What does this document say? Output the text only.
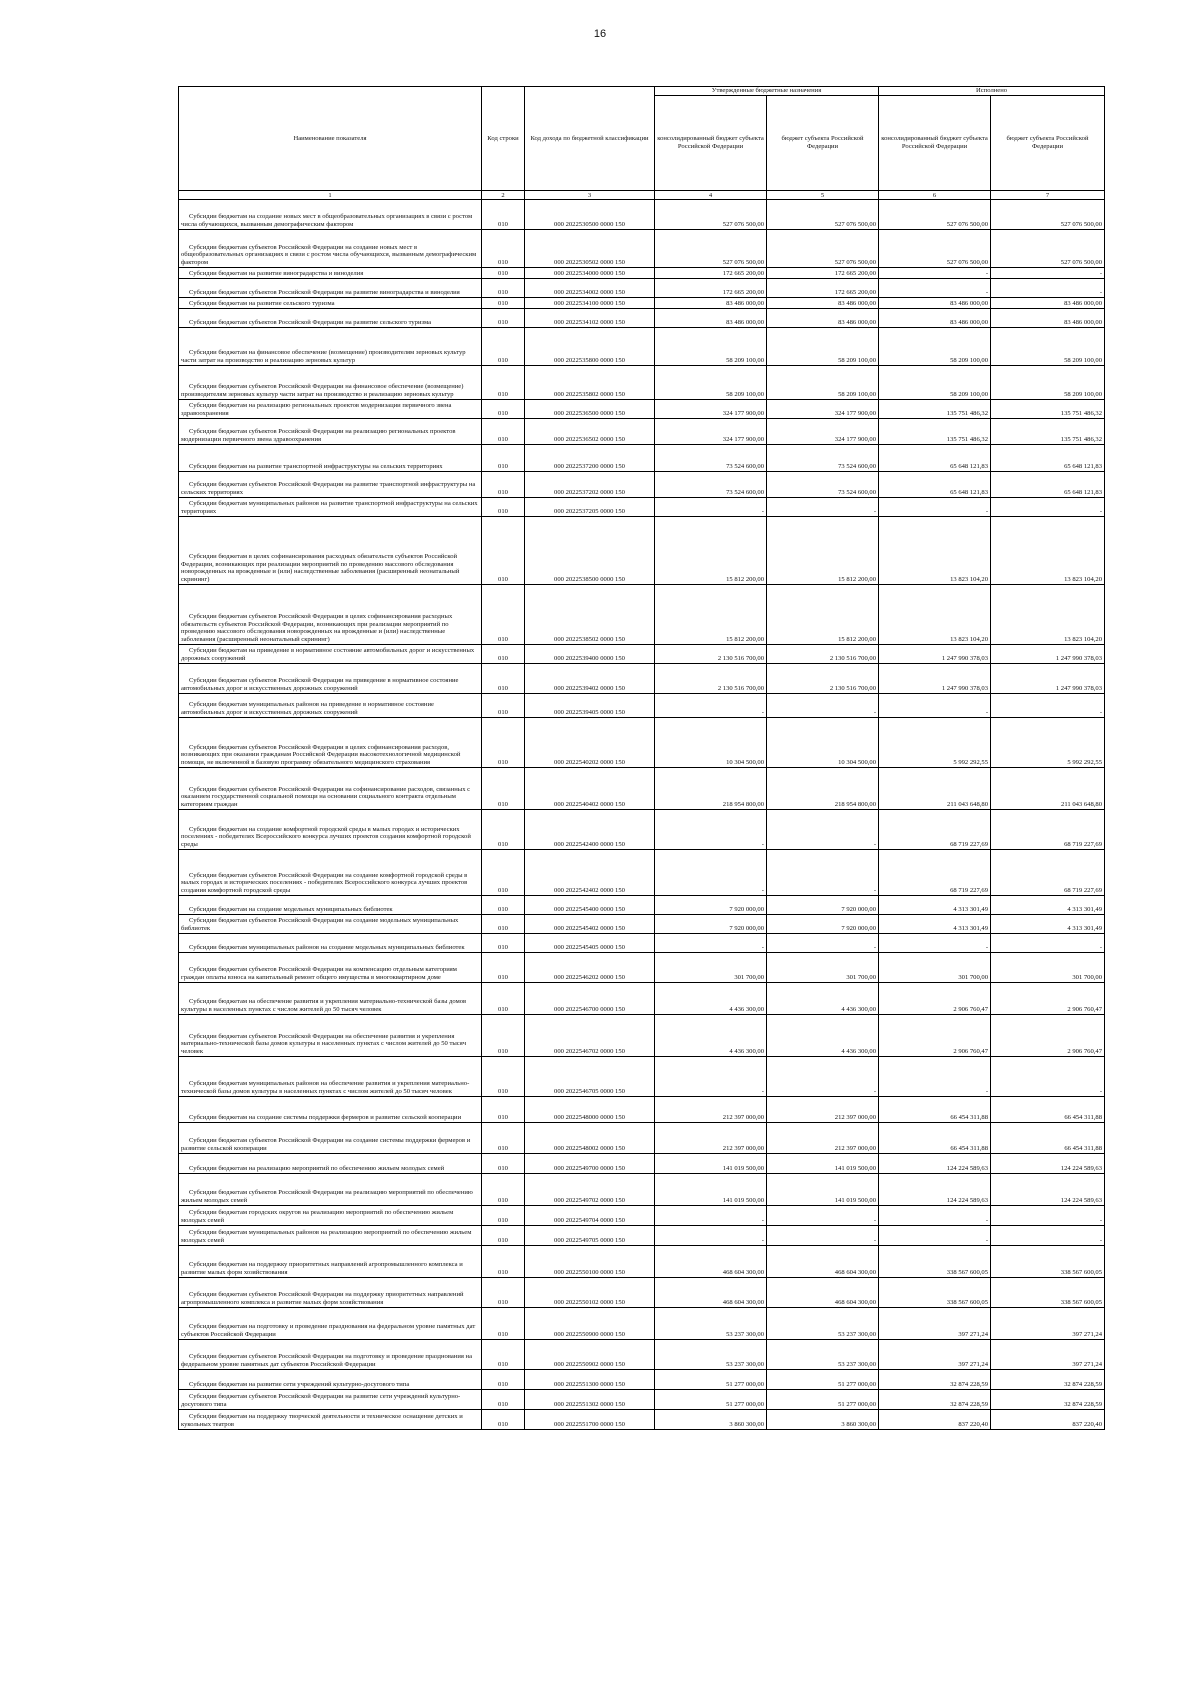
16
Наименование показателя	Код строки	Код дохода по бюджетной классификации	Утвержденные бюджетные назначения		Исполнено	
			консолидированный бюджет субъекта Российской Федерации	бюджет субъекта Российской Федерации	консолидированный бюджет субъекта Российской Федерации	бюджет субъекта Российской Федерации
1	2	3	4	5	6	7

Субсидии бюджетам на создание новых мест в общеобразовательных организациях в связи с ростом числа обучающихся, вызванным демографическим фактором	010	000 2022530500 0000 150	527 076 500,00	527 076 500,00	527 076 500,00	527 076 500,00

Субсидии бюджетам субъектов Российской Федерации на создание новых мест в общеобразовательных организациях в связи с ростом числа обучающихся, вызванным демографическим фактором	010	000 2022530502 0000 150	527 076 500,00	527 076 500,00	527 076 500,00	527 076 500,00

Субсидии бюджетам на развитие виноградарства и виноделия	010	000 2022534000 0000 150	172 665 200,00	172 665 200,00	-	-

Субсидии бюджетам субъектов Российской Федерации на развитие виноградарства и виноделия	010	000 2022534002 0000 150	172 665 200,00	172 665 200,00	-	-

Субсидии бюджетам на развитие сельского туризма	010	000 2022534100 0000 150	83 486 000,00	83 486 000,00	83 486 000,00	83 486 000,00

Субсидии бюджетам субъектов Российской Федерации на развитие сельского туризма	010	000 2022534102 0000 150	83 486 000,00	83 486 000,00	83 486 000,00	83 486 000,00

Субсидии бюджетам на финансовое обеспечение (возмещение) производителям зерновых культур части затрат на производство и реализацию зерновых культур	010	000 2022535800 0000 150	58 209 100,00	58 209 100,00	58 209 100,00	58 209 100,00

Субсидии бюджетам субъектов Российской Федерации на финансовое обеспечение (возмещение) производителям зерновых культур части затрат на производство и реализацию зерновых культур	010	000 2022535802 0000 150	58 209 100,00	58 209 100,00	58 209 100,00	58 209 100,00

Субсидии бюджетам на реализацию региональных проектов модернизации первичного звена здравоохранения	010	000 2022536500 0000 150	324 177 900,00	324 177 900,00	135 751 486,32	135 751 486,32

Субсидии бюджетам субъектов Российской Федерации на реализацию региональных проектов модернизации первичного звена здравоохранения	010	000 2022536502 0000 150	324 177 900,00	324 177 900,00	135 751 486,32	135 751 486,32

Субсидии бюджетам на развитие транспортной инфраструктуры на сельских территориях	010	000 2022537200 0000 150	73 524 600,00	73 524 600,00	65 648 121,83	65 648 121,83

Субсидии бюджетам субъектов Российской Федерации на развитие транспортной инфраструктуры на сельских территориях	010	000 2022537202 0000 150	73 524 600,00	73 524 600,00	65 648 121,83	65 648 121,83

Субсидии бюджетам муниципальных районов на развитие транспортной инфраструктуры на сельских территориях	010	000 2022537205 0000 150	-	-	-	-

Субсидии бюджетам в целях софинансирования расходных обязательств субъектов Российской Федерации, возникающих при реализации мероприятий по проведению массового обследования новорожденных на врожденные и (или) наследственные заболевания (расширенный неонатальный скрининг)	010	000 2022538500 0000 150	15 812 200,00	15 812 200,00	13 823 104,20	13 823 104,20

Субсидии бюджетам субъектов Российской Федерации в целях софинансирования расходных обязательств субъектов Российской Федерации, возникающих при реализации мероприятий по проведению массового обследования новорожденных на врожденные и (или) наследственные заболевания (расширенный неонатальный скрининг)	010	000 2022538502 0000 150	15 812 200,00	15 812 200,00	13 823 104,20	13 823 104,20

Субсидии бюджетам на приведение в нормативное состояние автомобильных дорог и искусственных дорожных сооружений	010	000 2022539400 0000 150	2 130 516 700,00	2 130 516 700,00	1 247 990 378,03	1 247 990 378,03

Субсидии бюджетам субъектов Российской Федерации на приведение в нормативное состояние автомобильных дорог и искусственных дорожных сооружений	010	000 2022539402 0000 150	2 130 516 700,00	2 130 516 700,00	1 247 990 378,03	1 247 990 378,03

Субсидии бюджетам муниципальных районов на приведение в нормативное состояние автомобильных дорог и искусственных дорожных сооружений	010	000 2022539405 0000 150	-	-	-	-

Субсидии бюджетам субъектов Российской Федерации в целях софинансирования расходов, возникающих при оказании гражданам Российской Федерации высокотехнологичной медицинской помощи, не включенной в базовую программу обязательного медицинского страхования	010	000 2022540202 0000 150	10 304 500,00	10 304 500,00	5 992 292,55	5 992 292,55

Субсидии бюджетам субъектов Российской Федерации на софинансирование расходов, связанных с оказанием государственной социальной помощи на основании социального контракта отдельным категориям граждан	010	000 2022540402 0000 150	218 954 800,00	218 954 800,00	211 043 648,80	211 043 648,80

Субсидии бюджетам на создание комфортной городской среды в малых городах и исторических поселениях - победителях Всероссийского конкурса лучших проектов создания комфортной городской среды	010	000 2022542400 0000 150	-	-	68 719 227,69	68 719 227,69

Субсидии бюджетам субъектов Российской Федерации на создание комфортной городской среды в малых городах и исторических поселениях - победителях Всероссийского конкурса лучших проектов создания комфортной городской среды	010	000 2022542402 0000 150	-	-	68 719 227,69	68 719 227,69

Субсидии бюджетам на создание модельных муниципальных библиотек	010	000 2022545400 0000 150	7 920 000,00	7 920 000,00	4 313 301,49	4 313 301,49

Субсидии бюджетам субъектов Российской Федерации на создание модельных муниципальных библиотек	010	000 2022545402 0000 150	7 920 000,00	7 920 000,00	4 313 301,49	4 313 301,49

Субсидии бюджетам муниципальных районов на создание модельных муниципальных библиотек	010	000 2022545405 0000 150	-	-	-	-

Субсидии бюджетам субъектов Российской Федерации на компенсацию отдельным категориям граждан оплаты взноса на капитальный ремонт общего имущества в многоквартирном доме	010	000 2022546202 0000 150	301 700,00	301 700,00	301 700,00	301 700,00

Субсидии бюджетам на обеспечение развития и укрепления материально-технической базы домов культуры в населенных пунктах с числом жителей до 50 тысяч человек	010	000 2022546700 0000 150	4 436 300,00	4 436 300,00	2 906 760,47	2 906 760,47

Субсидии бюджетам субъектов Российской Федерации на обеспечение развития и укрепления материально-технической базы домов культуры в населенных пунктах с числом жителей до 50 тысяч человек	010	000 2022546702 0000 150	4 436 300,00	4 436 300,00	2 906 760,47	2 906 760,47

Субсидии бюджетам муниципальных районов на обеспечение развития и укрепления материально-технической базы домов культуры в населенных пунктах с числом жителей до 50 тысяч человек	010	000 2022546705 0000 150	-	-	-	-

Субсидии бюджетам на создание системы поддержки фермеров и развитие сельской кооперации	010	000 2022548000 0000 150	212 397 000,00	212 397 000,00	66 454 311,88	66 454 311,88

Субсидии бюджетам субъектов Российской Федерации на создание системы поддержки фермеров и развитие сельской кооперации	010	000 2022548002 0000 150	212 397 000,00	212 397 000,00	66 454 311,88	66 454 311,88

Субсидии бюджетам на реализацию мероприятий по обеспечению жильем молодых семей	010	000 2022549700 0000 150	141 019 500,00	141 019 500,00	124 224 589,63	124 224 589,63

Субсидии бюджетам субъектов Российской Федерации на реализацию мероприятий по обеспечению жильем молодых семей	010	000 2022549702 0000 150	141 019 500,00	141 019 500,00	124 224 589,63	124 224 589,63

Субсидии бюджетам городских округов на реализацию мероприятий по обеспечению жильем молодых семей	010	000 2022549704 0000 150	-	-	-	-

Субсидии бюджетам муниципальных районов на реализацию мероприятий по обеспечению жильем молодых семей	010	000 2022549705 0000 150	-	-	-	-

Субсидии бюджетам на поддержку приоритетных направлений агропромышленного комплекса и развитие малых форм хозяйствования	010	000 2022550100 0000 150	468 604 300,00	468 604 300,00	338 567 600,05	338 567 600,05

Субсидии бюджетам субъектов Российской Федерации на поддержку приоритетных направлений агропромышленного комплекса и развитие малых форм хозяйствования	010	000 2022550102 0000 150	468 604 300,00	468 604 300,00	338 567 600,05	338 567 600,05

Субсидии бюджетам на подготовку и проведение празднования на федеральном уровне памятных дат субъектов Российской Федерации	010	000 2022550900 0000 150	53 237 300,00	53 237 300,00	397 271,24	397 271,24

Субсидии бюджетам субъектов Российской Федерации на подготовку и проведение празднования на федеральном уровне памятных дат субъектов Российской Федерации	010	000 2022550902 0000 150	53 237 300,00	53 237 300,00	397 271,24	397 271,24

Субсидии бюджетам на развитие сети учреждений культурно-досугового типа	010	000 2022551300 0000 150	51 277 000,00	51 277 000,00	32 874 228,59	32 874 228,59

Субсидии бюджетам субъектов Российской Федерации на развитие сети учреждений культурно-досугового типа	010	000 2022551302 0000 150	51 277 000,00	51 277 000,00	32 874 228,59	32 874 228,59

Субсидии бюджетам на поддержку творческой деятельности и техническое оснащение детских и кукольных театров	010	000 2022551700 0000 150	3 860 300,00	3 860 300,00	837 220,40	837 220,40
